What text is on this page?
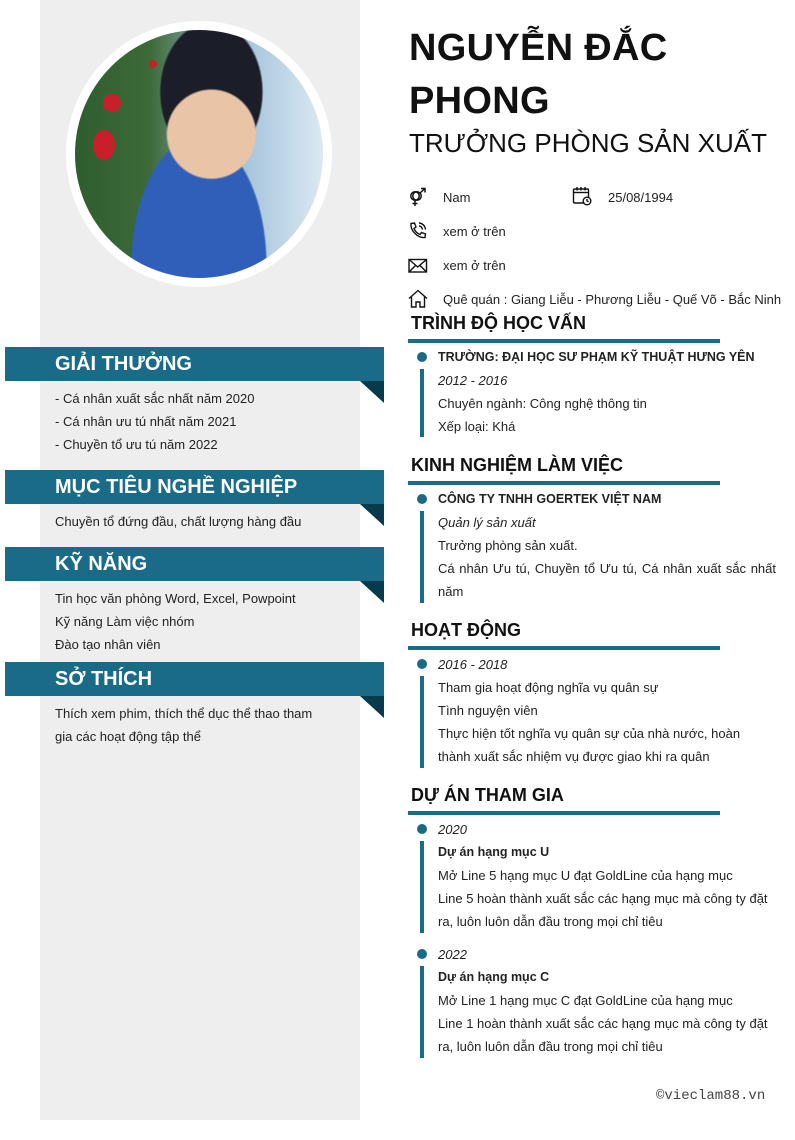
GIẢI THƯỞNG
- Cá nhân xuất sắc nhất năm 2020
- Cá nhân ưu tú nhất năm 2021
- Chuyền tổ ưu tú năm 2022
MỤC TIÊU NGHỀ NGHIỆP
Chuyền tổ đứng đầu, chất lượng hàng đầu
KỸ NĂNG
Tin học văn phòng Word, Excel, Powpoint
Kỹ năng Làm việc nhóm
Đào tạo nhân viên
SỞ THÍCH
Thích xem phim, thích thể dục thể thao tham
gia các hoạt động tập thể
NGUYỄN ĐẮC
PHONG
TRƯỞNG PHÒNG SẢN XUẤT
Nam	25/08/1994
xem ở trên
xem ở trên
Quê quán : Giang Liễu - Phương Liễu - Quế Võ - Bắc Ninh
TRÌNH ĐỘ HỌC VẤN
TRƯỜNG: ĐẠI HỌC SƯ PHẠM KỸ THUẬT HƯNG YÊN
2012 - 2016
Chuyên ngành: Công nghệ thông tin
Xếp loại: Khá
KINH NGHIỆM LÀM VIỆC
CÔNG TY TNHH GOERTEK VIỆT NAM
Quản lý sản xuất
Trưởng phòng sản xuất.
Cá nhân Ưu tú, Chuyền tổ Ưu tú, Cá nhân xuất sắc nhất năm
HOẠT ĐỘNG
2016 - 2018
Tham gia hoạt động nghĩa vụ quân sự
Tình nguyện viên
Thực hiện tốt nghĩa vụ quân sự của nhà nước, hoàn thành xuất sắc nhiệm vụ được giao khi ra quân
DỰ ÁN THAM GIA
2020
Dự án hạng mục U
Mở Line 5 hạng mục U đạt GoldLine của hạng mục
Line 5 hoàn thành xuất sắc các hạng mục mà công ty đặt ra, luôn luôn dẫn đầu trong mọi chỉ tiêu
2022
Dự án hạng mục C
Mở Line 1 hạng mục C đạt GoldLine của hạng mục
Line 1 hoàn thành xuất sắc các hạng mục mà công ty đặt ra, luôn luôn dẫn đầu trong mọi chỉ tiêu
©vieclam88.vn
